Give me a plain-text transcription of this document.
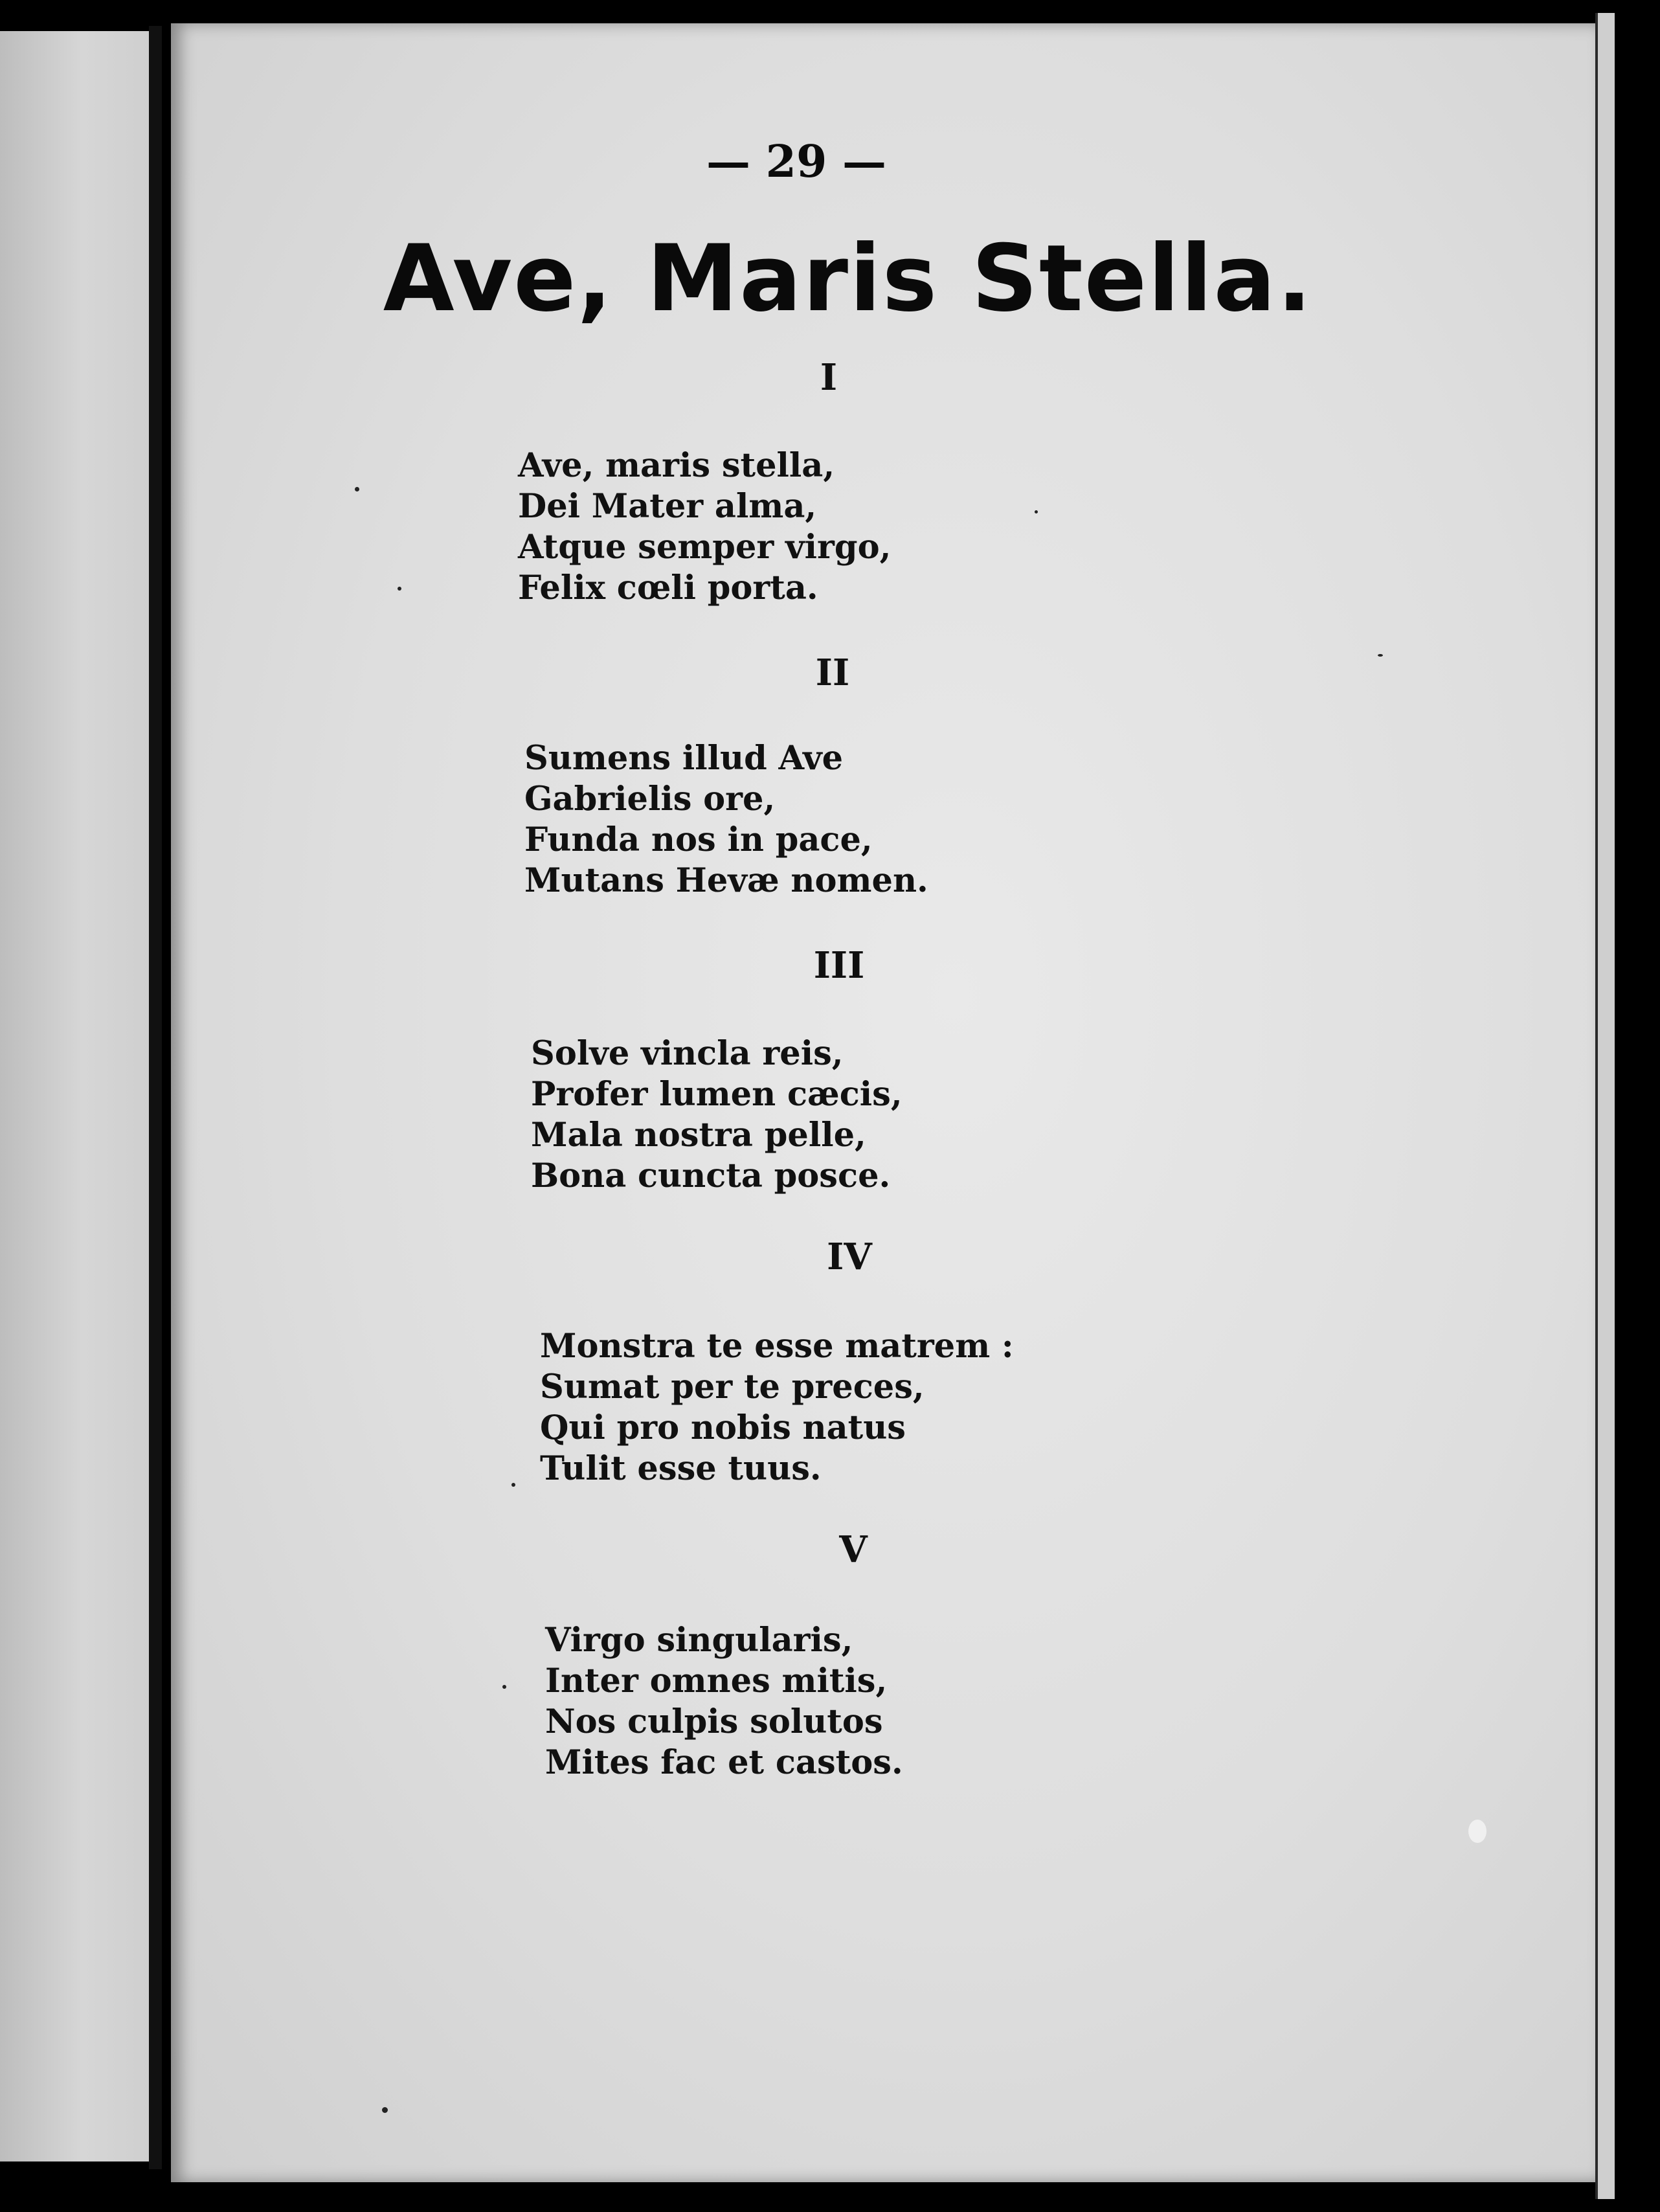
— 29 —
Ave, Maris Stella.
I
Ave, maris stella,
Dei Mater alma,
Atque semper virgo,
Felix cœli porta.
II
Sumens illud Ave
Gabrielis ore,
Funda nos in pace,
Mutans Hevæ nomen.
III
Solve vincla reis,
Profer lumen cæcis,
Mala nostra pelle,
Bona cuncta posce.
IV
Monstra te esse matrem :
Sumat per te preces,
Qui pro nobis natus
Tulit esse tuus.
V
Virgo singularis,
Inter omnes mitis,
Nos culpis solutos
Mites fac et castos.
